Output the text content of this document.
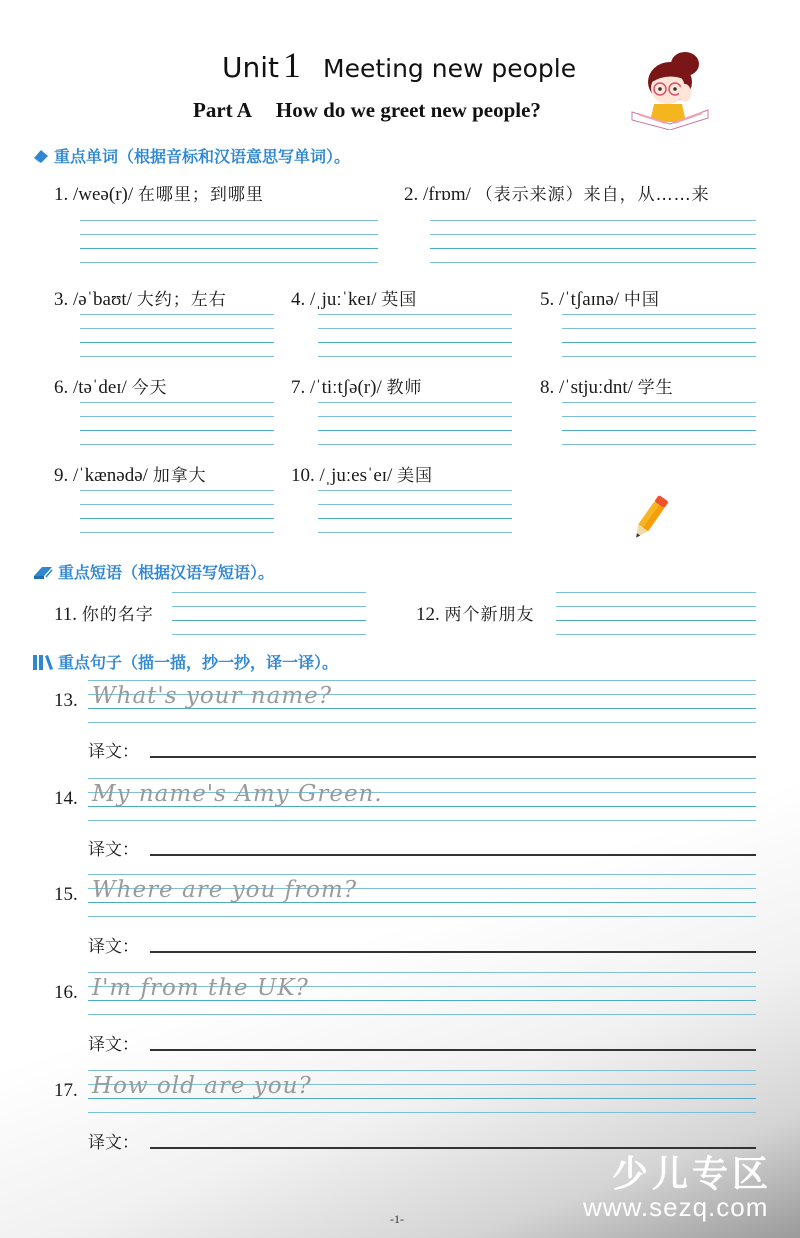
Unit 1 Meeting new people
Part A How do we greet new people?
重点单词（根据音标和汉语意思写单词）。
1. /weə(r)/ 在哪里；到哪里	2. /frɒm/ （表示来源）来自，从……来
3. /əˈbaʊt/ 大约；左右	4. /ˌjuːˈkeɪ/ 英国	5. /ˈtʃaɪnə/ 中国
6. /təˈdeɪ/ 今天	7. /ˈtiːtʃə(r)/ 教师	8. /ˈstjuːdnt/ 学生
9. /ˈkænədə/ 加拿大	10. /ˌjuːesˈeɪ/ 美国
重点短语（根据汉语写短语）。
11. 你的名字	12. 两个新朋友
重点句子（描一描，抄一抄，译一译）。
13. What's your name?
译文：
14. My name's Amy Green.
译文：
15. Where are you from?
译文：
16. I'm from the UK?
译文：
17. How old are you?
译文：
少儿专区
www.sezq.com
-1-
